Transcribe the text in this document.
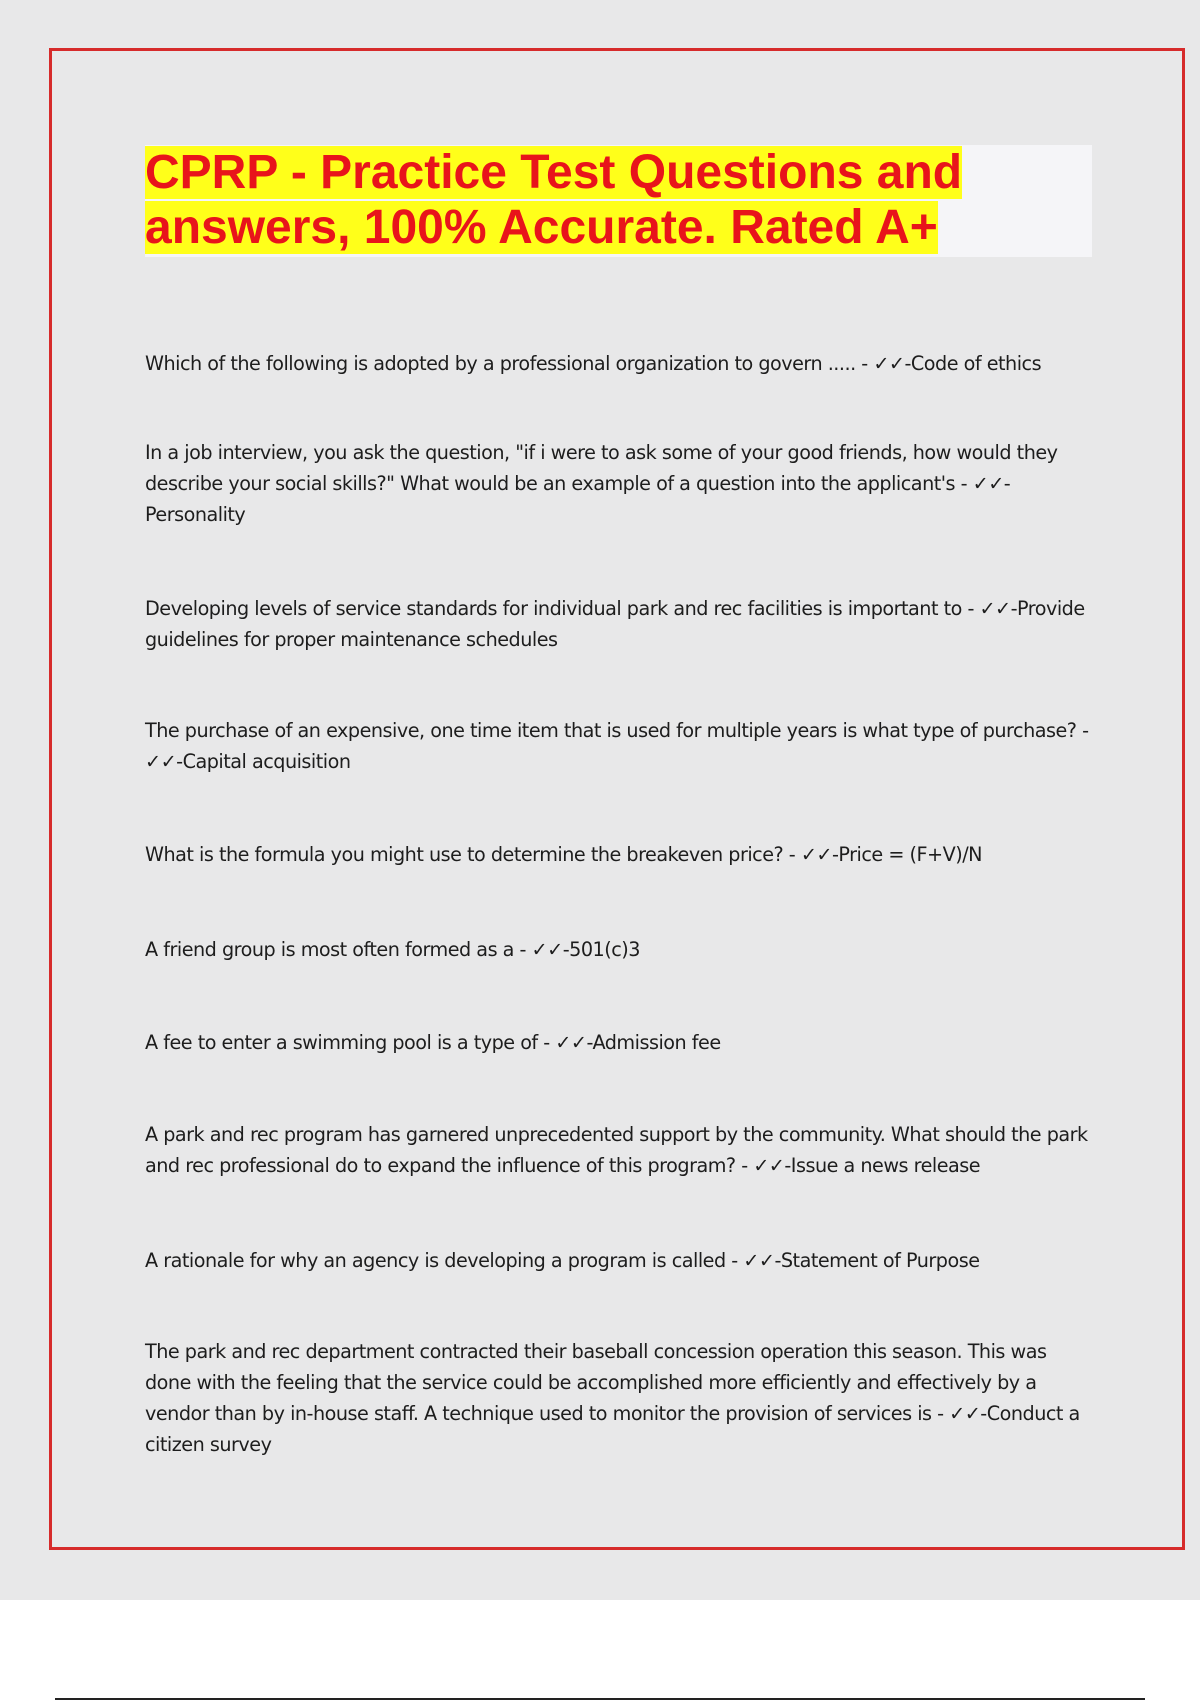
CPRP - Practice Test Questions and
answers, 100% Accurate. Rated A+

Which of the following is adopted by a professional organization to govern ..... - ✓✓-Code of ethics

In a job interview, you ask the question, "if i were to ask some of your good friends, how would they describe your social skills?" What would be an example of a question into the applicant's - ✓✓-Personality

Developing levels of service standards for individual park and rec facilities is important to - ✓✓-Provide guidelines for proper maintenance schedules

The purchase of an expensive, one time item that is used for multiple years is what type of purchase? - ✓✓-Capital acquisition

What is the formula you might use to determine the breakeven price? - ✓✓-Price = (F+V)/N

A friend group is most often formed as a - ✓✓-501(c)3

A fee to enter a swimming pool is a type of - ✓✓-Admission fee

A park and rec program has garnered unprecedented support by the community. What should the park and rec professional do to expand the influence of this program? - ✓✓-Issue a news release

A rationale for why an agency is developing a program is called - ✓✓-Statement of Purpose

The park and rec department contracted their baseball concession operation this season. This was done with the feeling that the service could be accomplished more efficiently and effectively by a vendor than by in-house staff. A technique used to monitor the provision of services is - ✓✓-Conduct a citizen survey
